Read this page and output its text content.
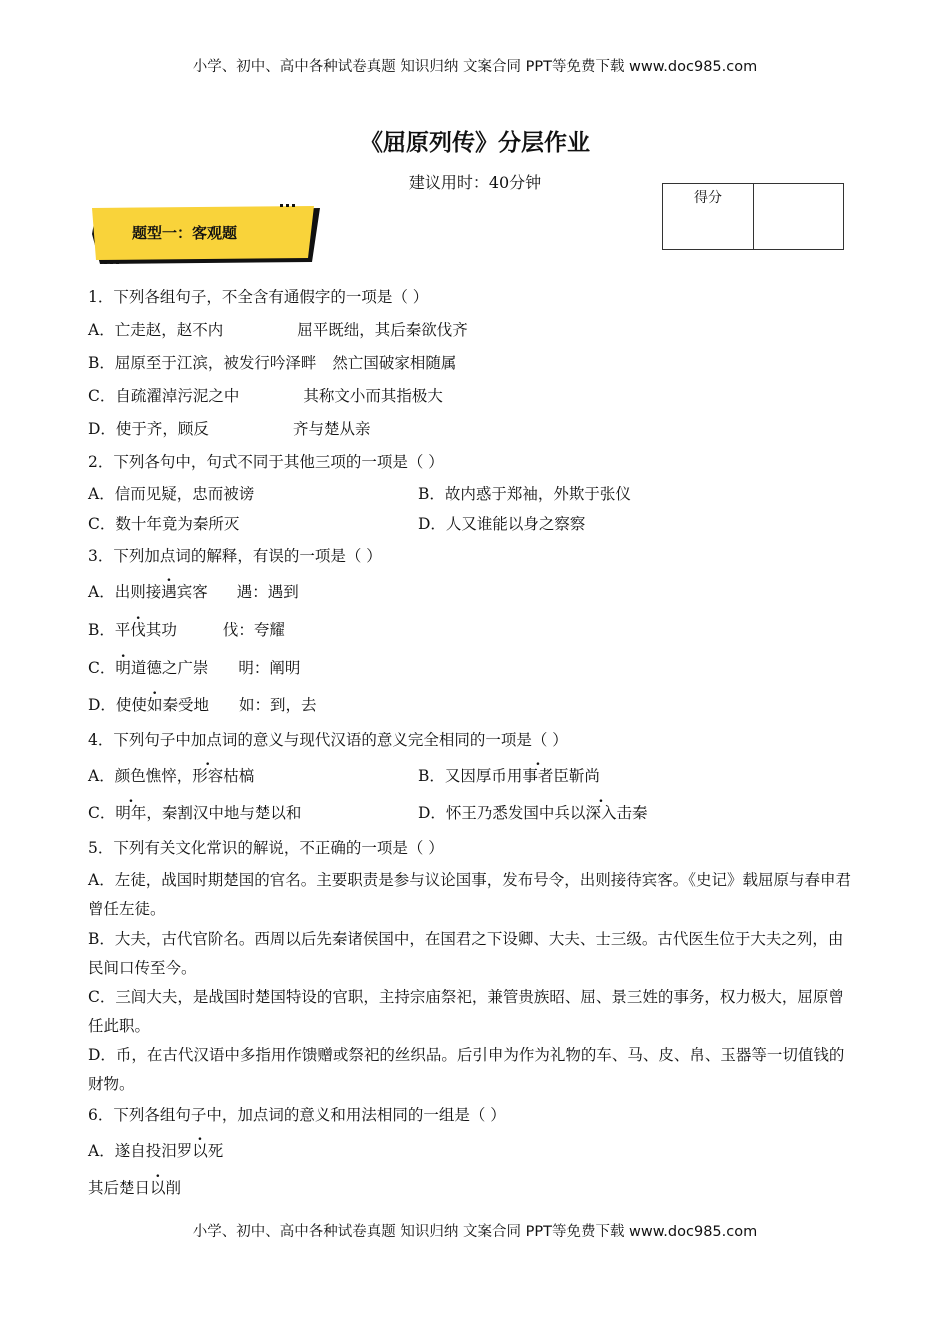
小学、初中、高中各种试卷真题 知识归纳 文案合同 PPT等免费下载 www.doc985.com
《屈原列传》分层作业
建议用时：40分钟
得分
题型一：客观题
1．下列各组句子，不全含有通假字的一项是（ ）
A．亡走赵，赵不内	屈平既绌，其后秦欲伐齐
B．屈原至于江滨，被发行吟泽畔 然亡国破家相随属
C．自疏濯淖污泥之中	其称文小而其指极大
D．使于齐，顾反	齐与楚从亲
2．下列各句中，句式不同于其他三项的一项是（ ）
A．信而见疑，忠而被谤	B．故内惑于郑袖，外欺于张仪
C．数十年竟为秦所灭	D．人又谁能以身之察察
3．下列加点词的解释，有误的一项是（ ）
A．出则接遇宾客 遇：遇到
B．平伐其功	伐：夸耀
C．明道德之广崇 明：阐明
D．使使如秦受地 如：到，去
4．下列句子中加点词的意义与现代汉语的意义完全相同的一项是（ ）
A．颜色憔悴，形容枯槁	B．又因厚币用事者臣靳尚
C．明年，秦割汉中地与楚以和	D．怀王乃悉发国中兵以深入击秦
5．下列有关文化常识的解说，不正确的一项是（ ）
A．左徒，战国时期楚国的官名。主要职责是参与议论国事，发布号令，出则接待宾客。《史记》载屈原与春申君曾任左徒。
B．大夫，古代官阶名。西周以后先秦诸侯国中，在国君之下设卿、大夫、士三级。古代医生位于大夫之列，由民间口传至今。
C．三闾大夫，是战国时楚国特设的官职，主持宗庙祭祀，兼管贵族昭、屈、景三姓的事务，权力极大，屈原曾任此职。
D．币，在古代汉语中多指用作馈赠或祭祀的丝织品。后引申为作为礼物的车、马、皮、帛、玉器等一切值钱的财物。
6．下列各组句子中，加点词的意义和用法相同的一组是（ ）
A．遂自投汨罗以死
其后楚日以削
小学、初中、高中各种试卷真题 知识归纳 文案合同 PPT等免费下载 www.doc985.com
